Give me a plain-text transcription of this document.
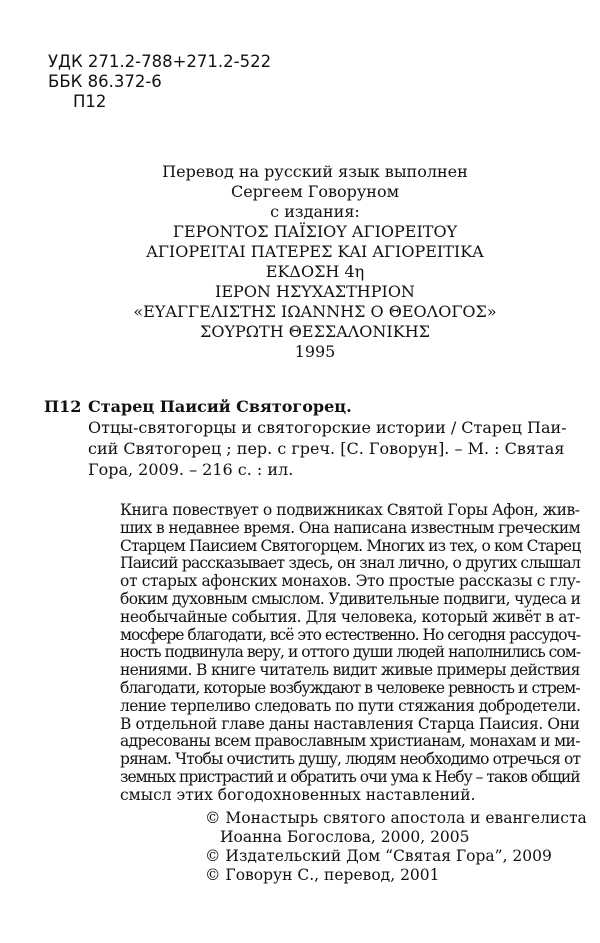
УДК 271.2-788+271.2-522
ББК 86.372-6
П12
Перевод на русский язык выполнен
Сергеем Говоруном
с издания:
ΓΕΡΟΝΤΟΣ ΠΑΪΣΙΟΥ ΑΓΙΟΡΕΙΤΟΥ
ΑΓΙΟΡΕΙΤΑΙ ΠΑΤΕΡΕΣ ΚΑΙ ΑΓΙΟΡΕΙΤΙΚΑ
ΕΚΔΟΣΗ 4η
ΙΕΡΟΝ ΗΣΥΧΑΣΤΗΡΙΟΝ
«ΕΥΑΓΓΕΛΙΣΤΗΣ ΙΩΑΝΝΗΣ Ο ΘΕΟΛΟΓΟΣ»
ΣΟΥΡΩΤΗ ΘΕΣΣΑΛΟΝΙΚΗΣ
1995
П12 Старец Паисий Святогорец.
Отцы-святогорцы и святогорские истории / Старец Паи-
сий Святогорец ; пер. с греч. [С. Говорун]. – М. : Святая
Гора, 2009. – 216 с. : ил.
Книга повествует о подвижниках Святой Горы Афон, жив-
ших в недавнее время. Она написана известным греческим
Старцем Паисием Святогорцем. Многих из тех, о ком Старец
Паисий рассказывает здесь, он знал лично, о других слышал
от старых афонских монахов. Это простые рассказы с глу-
боким духовным смыслом. Удивительные подвиги, чудеса и
необычайные события. Для человека, который живёт в ат-
мосфере благодати, всё это естественно. Но сегодня рассудоч-
ность подвинула веру, и оттого души людей наполнились сом-
нениями. В книге читатель видит живые примеры действия
благодати, которые возбуждают в человеке ревность и стрем-
ление терпеливо следовать по пути стяжания добродетели.
В отдельной главе даны наставления Старца Паисия. Они
адресованы всем православным христианам, монахам и ми-
рянам. Чтобы очистить душу, людям необходимо отречься от
земных пристрастий и обратить очи ума к Небу – таков общий
смысл этих богодохновенных наставлений.
© Монастырь святого апостола и евангелиста
Иоанна Богослова, 2000, 2005
© Издательский Дом “Святая Гора”, 2009
© Говорун С., перевод, 2001
